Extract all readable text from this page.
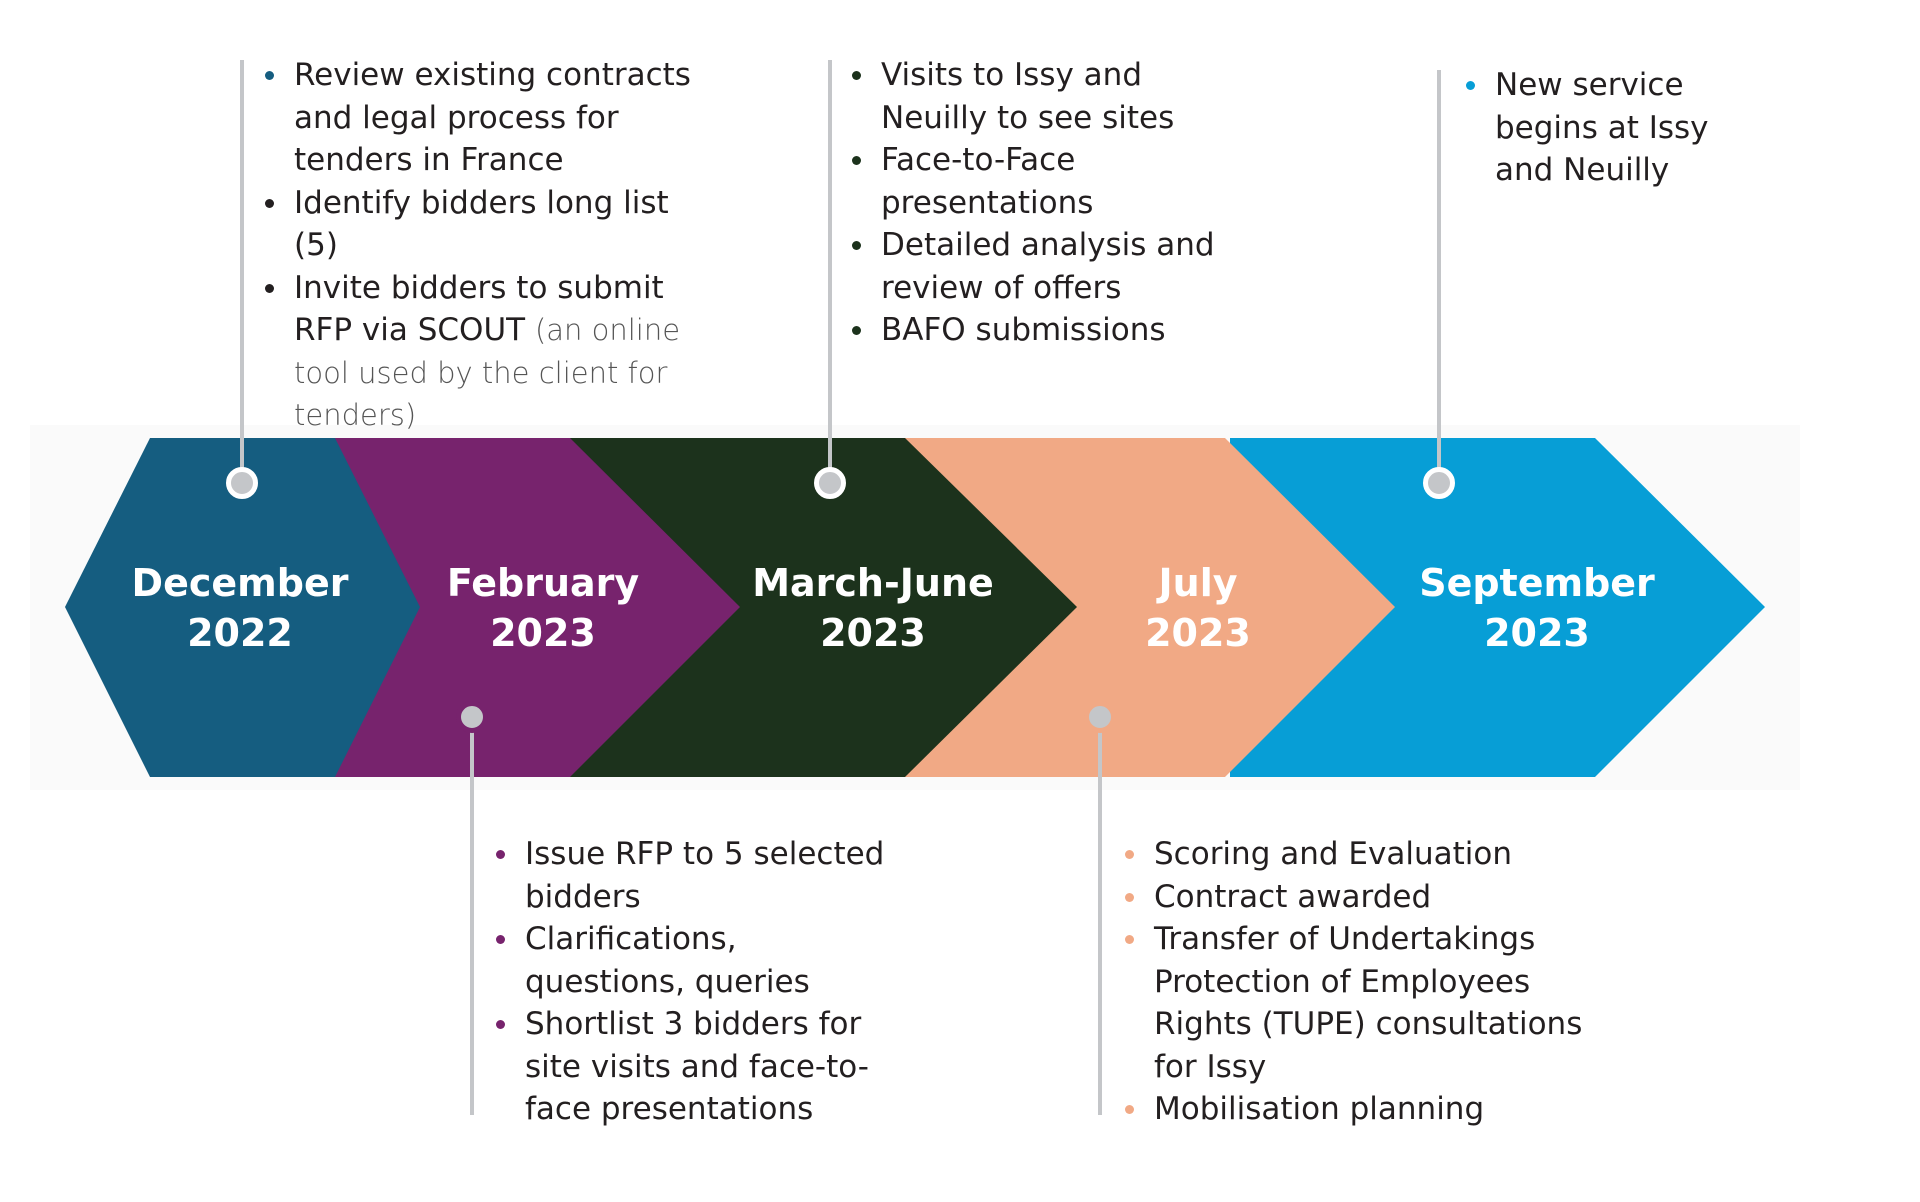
December
2022
February
2023
March-June
2023
July
2023
September
2023
Review existing contracts and legal process for tenders in France
Identify bidders long list (5)
Invite bidders to submit RFP via SCOUT (an online tool used by the client for tenders)
Visits to Issy and Neuilly to see sites
Face-to-Face presentations
Detailed analysis and review of offers
BAFO submissions
New service begins at Issy and Neuilly
Issue RFP to 5 selected bidders
Clarifications, questions, queries
Shortlist 3 bidders for site visits and face-to-face presentations
Scoring and Evaluation
Contract awarded
Transfer of Undertakings Protection of Employees Rights (TUPE) consultations for Issy
Mobilisation planning
